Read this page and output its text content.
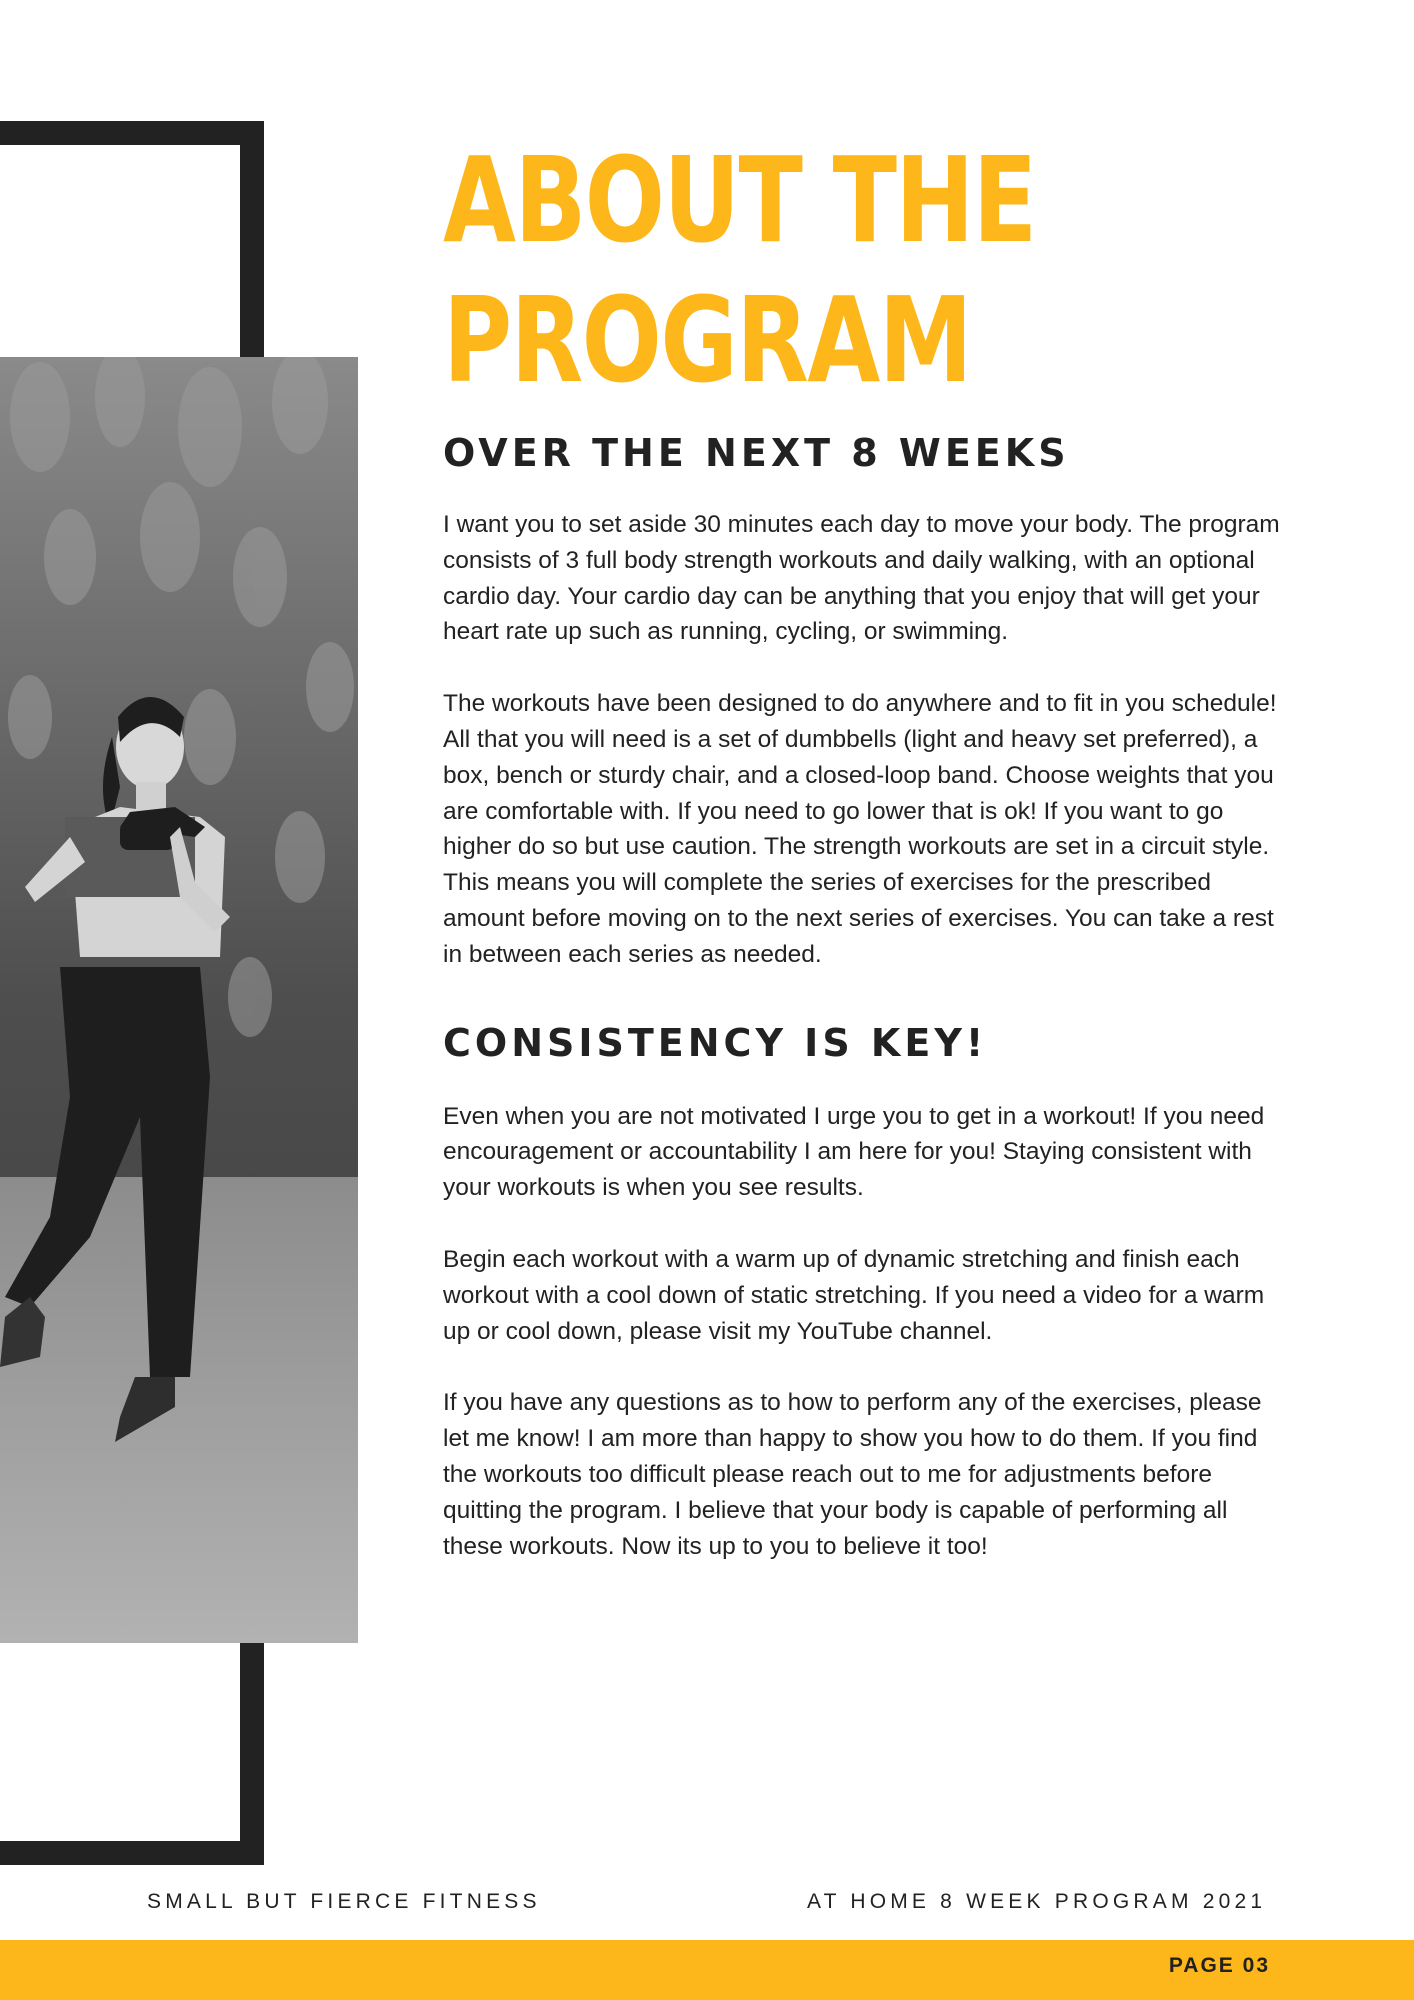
ABOUT THE
PROGRAM
OVER THE NEXT 8 WEEKS

I want you to set aside 30 minutes each day to move your body. The program consists of 3 full body strength workouts and daily walking, with an optional cardio day. Your cardio day can be anything that you enjoy that will get your heart rate up such as running, cycling, or swimming.

The workouts have been designed to do anywhere and to fit in you schedule! All that you will need is a set of dumbbells (light and heavy set preferred), a box, bench or sturdy chair, and a closed-loop band. Choose weights that you are comfortable with. If you need to go lower that is ok! If you want to go higher do so but use caution. The strength workouts are set in a circuit style. This means you will complete the series of exercises for the prescribed amount before moving on to the next series of exercises. You can take a rest in between each series as needed.

CONSISTENCY IS KEY!

Even when you are not motivated I urge you to get in a workout! If you need encouragement or accountability I am here for you! Staying consistent with your workouts is when you see results.

Begin each workout with a warm up of dynamic stretching and finish each workout with a cool down of static stretching. If you need a video for a warm up or cool down, please visit my YouTube channel.

If you have any questions as to how to perform any of the exercises, please let me know! I am more than happy to show you how to do them. If you find the workouts too difficult please reach out to me for adjustments before quitting the program. I believe that your body is capable of performing all these workouts. Now its up to you to believe it too!

SMALL BUT FIERCE FITNESS	AT HOME 8 WEEK PROGRAM 2021
PAGE 03
